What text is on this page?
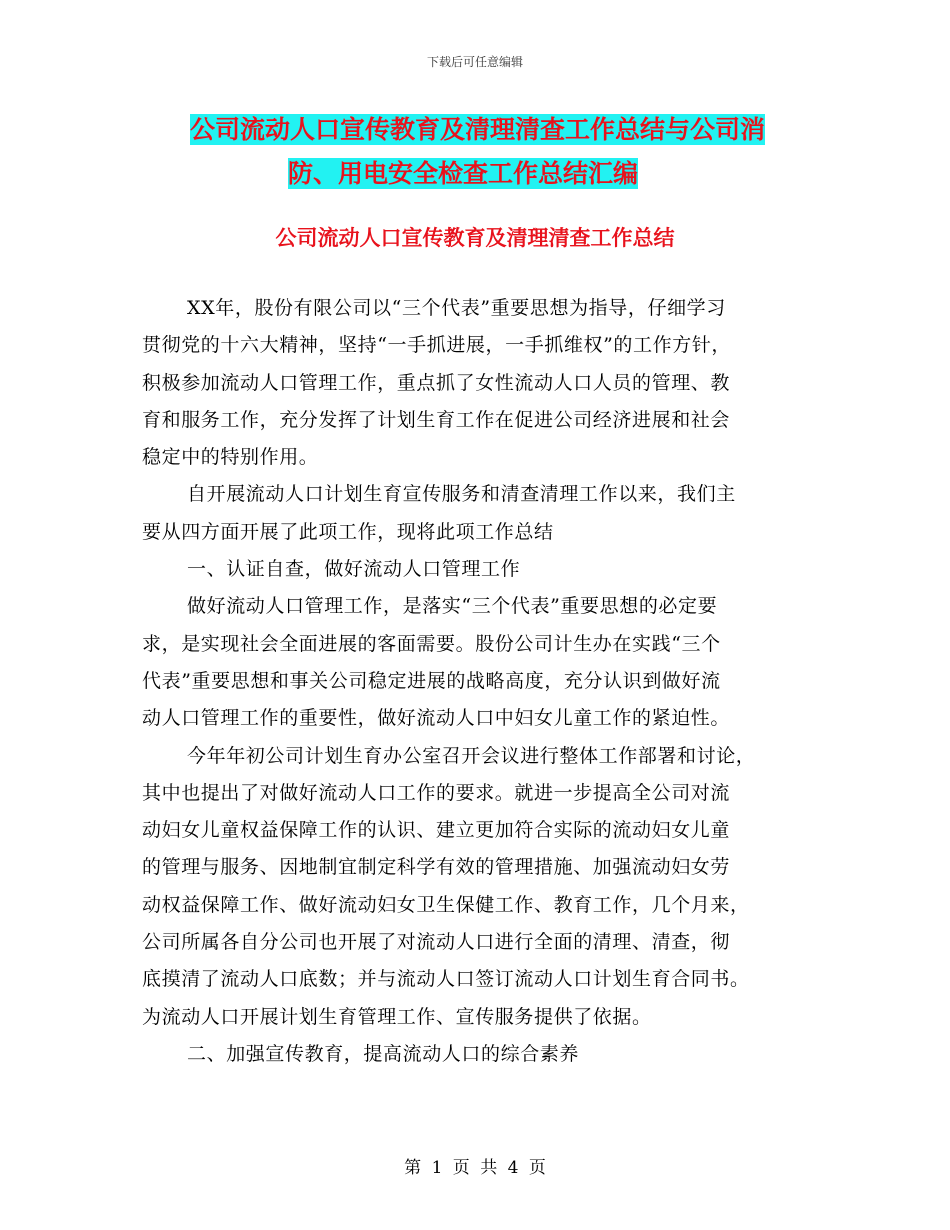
下载后可任意编辑
公司流动人口宣传教育及清理清查工作总结与公司消
防、用电安全检查工作总结汇编
公司流动人口宣传教育及清理清查工作总结
XX年，股份有限公司以“三个代表”重要思想为指导，仔细学习
贯彻党的十六大精神，坚持“一手抓进展，一手抓维权”的工作方针，
积极参加流动人口管理工作，重点抓了女性流动人口人员的管理、教
育和服务工作，充分发挥了计划生育工作在促进公司经济进展和社会
稳定中的特别作用。
自开展流动人口计划生育宣传服务和清查清理工作以来，我们主
要从四方面开展了此项工作，现将此项工作总结
一、认证自查，做好流动人口管理工作
做好流动人口管理工作，是落实“三个代表”重要思想的必定要
求，是实现社会全面进展的客面需要。股份公司计生办在实践“三个
代表”重要思想和事关公司稳定进展的战略高度，充分认识到做好流
动人口管理工作的重要性，做好流动人口中妇女儿童工作的紧迫性。
今年年初公司计划生育办公室召开会议进行整体工作部署和讨论，
其中也提出了对做好流动人口工作的要求。就进一步提高全公司对流
动妇女儿童权益保障工作的认识、建立更加符合实际的流动妇女儿童
的管理与服务、因地制宜制定科学有效的管理措施、加强流动妇女劳
动权益保障工作、做好流动妇女卫生保健工作、教育工作，几个月来，
公司所属各自分公司也开展了对流动人口进行全面的清理、清查，彻
底摸清了流动人口底数；并与流动人口签订流动人口计划生育合同书。
为流动人口开展计划生育管理工作、宣传服务提供了依据。
二、加强宣传教育，提高流动人口的综合素养
第 1 页 共 4 页
